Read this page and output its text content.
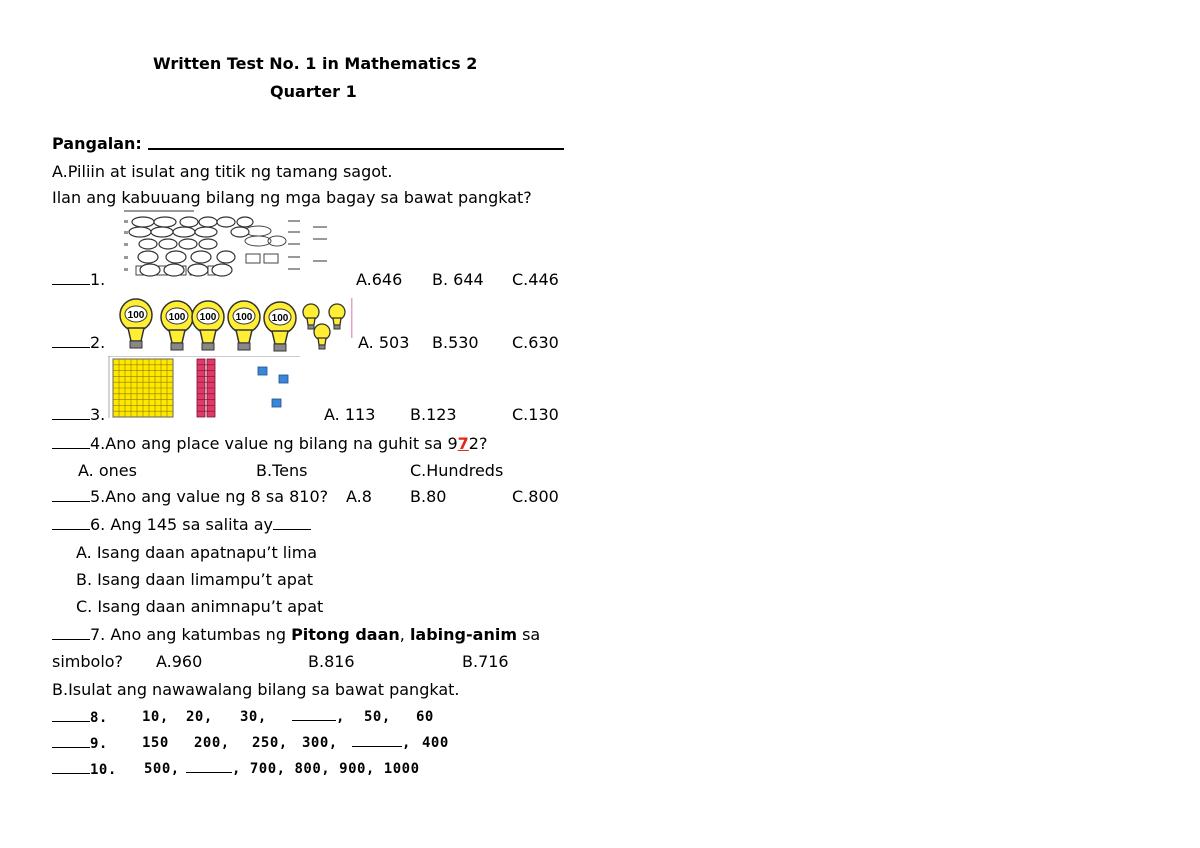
Written Test No. 1 in Mathematics 2
Quarter 1
Pangalan:
A.Piliin at isulat ang titik ng tamang sagot.
Ilan ang kabuuang bilang ng mga bagay sa bawat pangkat?
1.	A.646 B. 644 C.446
100 100 100 100 100
2.	A. 503 B.530 C.630
3.	A. 113 B.123	C.130
4.Ano ang place value ng bilang na guhit sa 972?
A. ones	B.Tens	C.Hundreds
5.Ano ang value ng 8 sa 810? A.8 B.80	C.800
6. Ang 145 sa salita ay
A. Isang daan apatnapu’t lima
B. Isang daan limampu’t apat
C. Isang daan animnapu’t apat
7. Ano ang katumbas ng Pitong daan, labing-anim sa
simbolo? A.960	B.816	B.716
B.Isulat ang nawawalang bilang sa bawat pangkat.
8. 10, 20, 30,	, 50, 60
9. 150 200, 250, 300,	, 400
10. 500,	, 700, 800, 900, 1000
